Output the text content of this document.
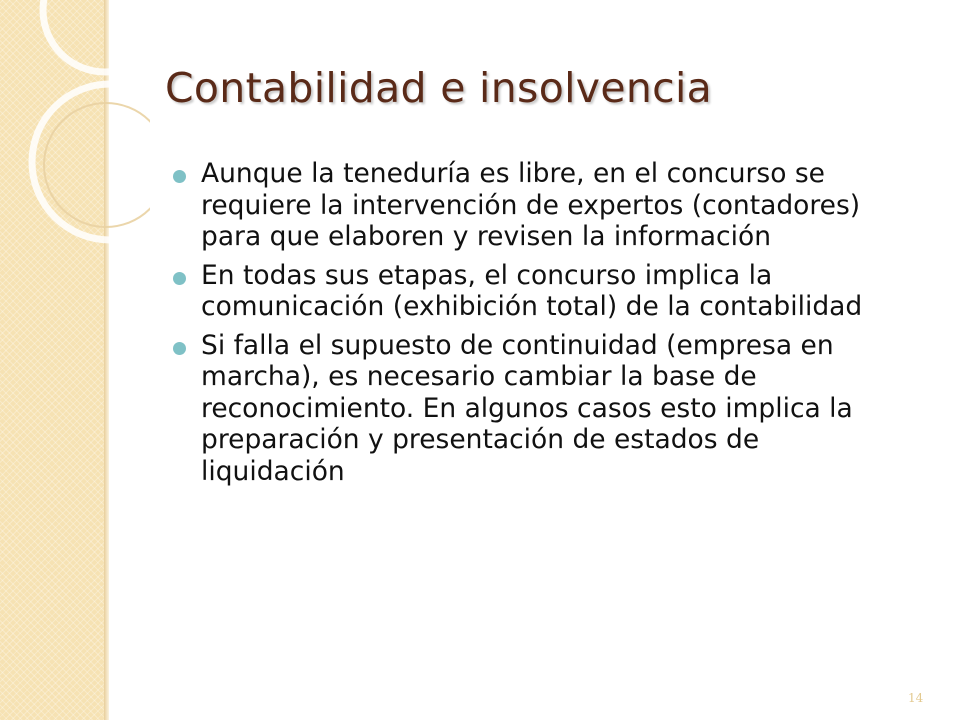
Contabilidad e insolvencia
Aunque la teneduría es libre, en el concurso se requiere la intervención de expertos (contadores) para que elaboren y revisen la información
En todas sus etapas, el concurso implica la comunicación (exhibición total) de la contabilidad
Si falla el supuesto de continuidad (empresa en marcha), es necesario cambiar la base de reconocimiento. En algunos casos esto implica la preparación y presentación de estados de liquidación
14
